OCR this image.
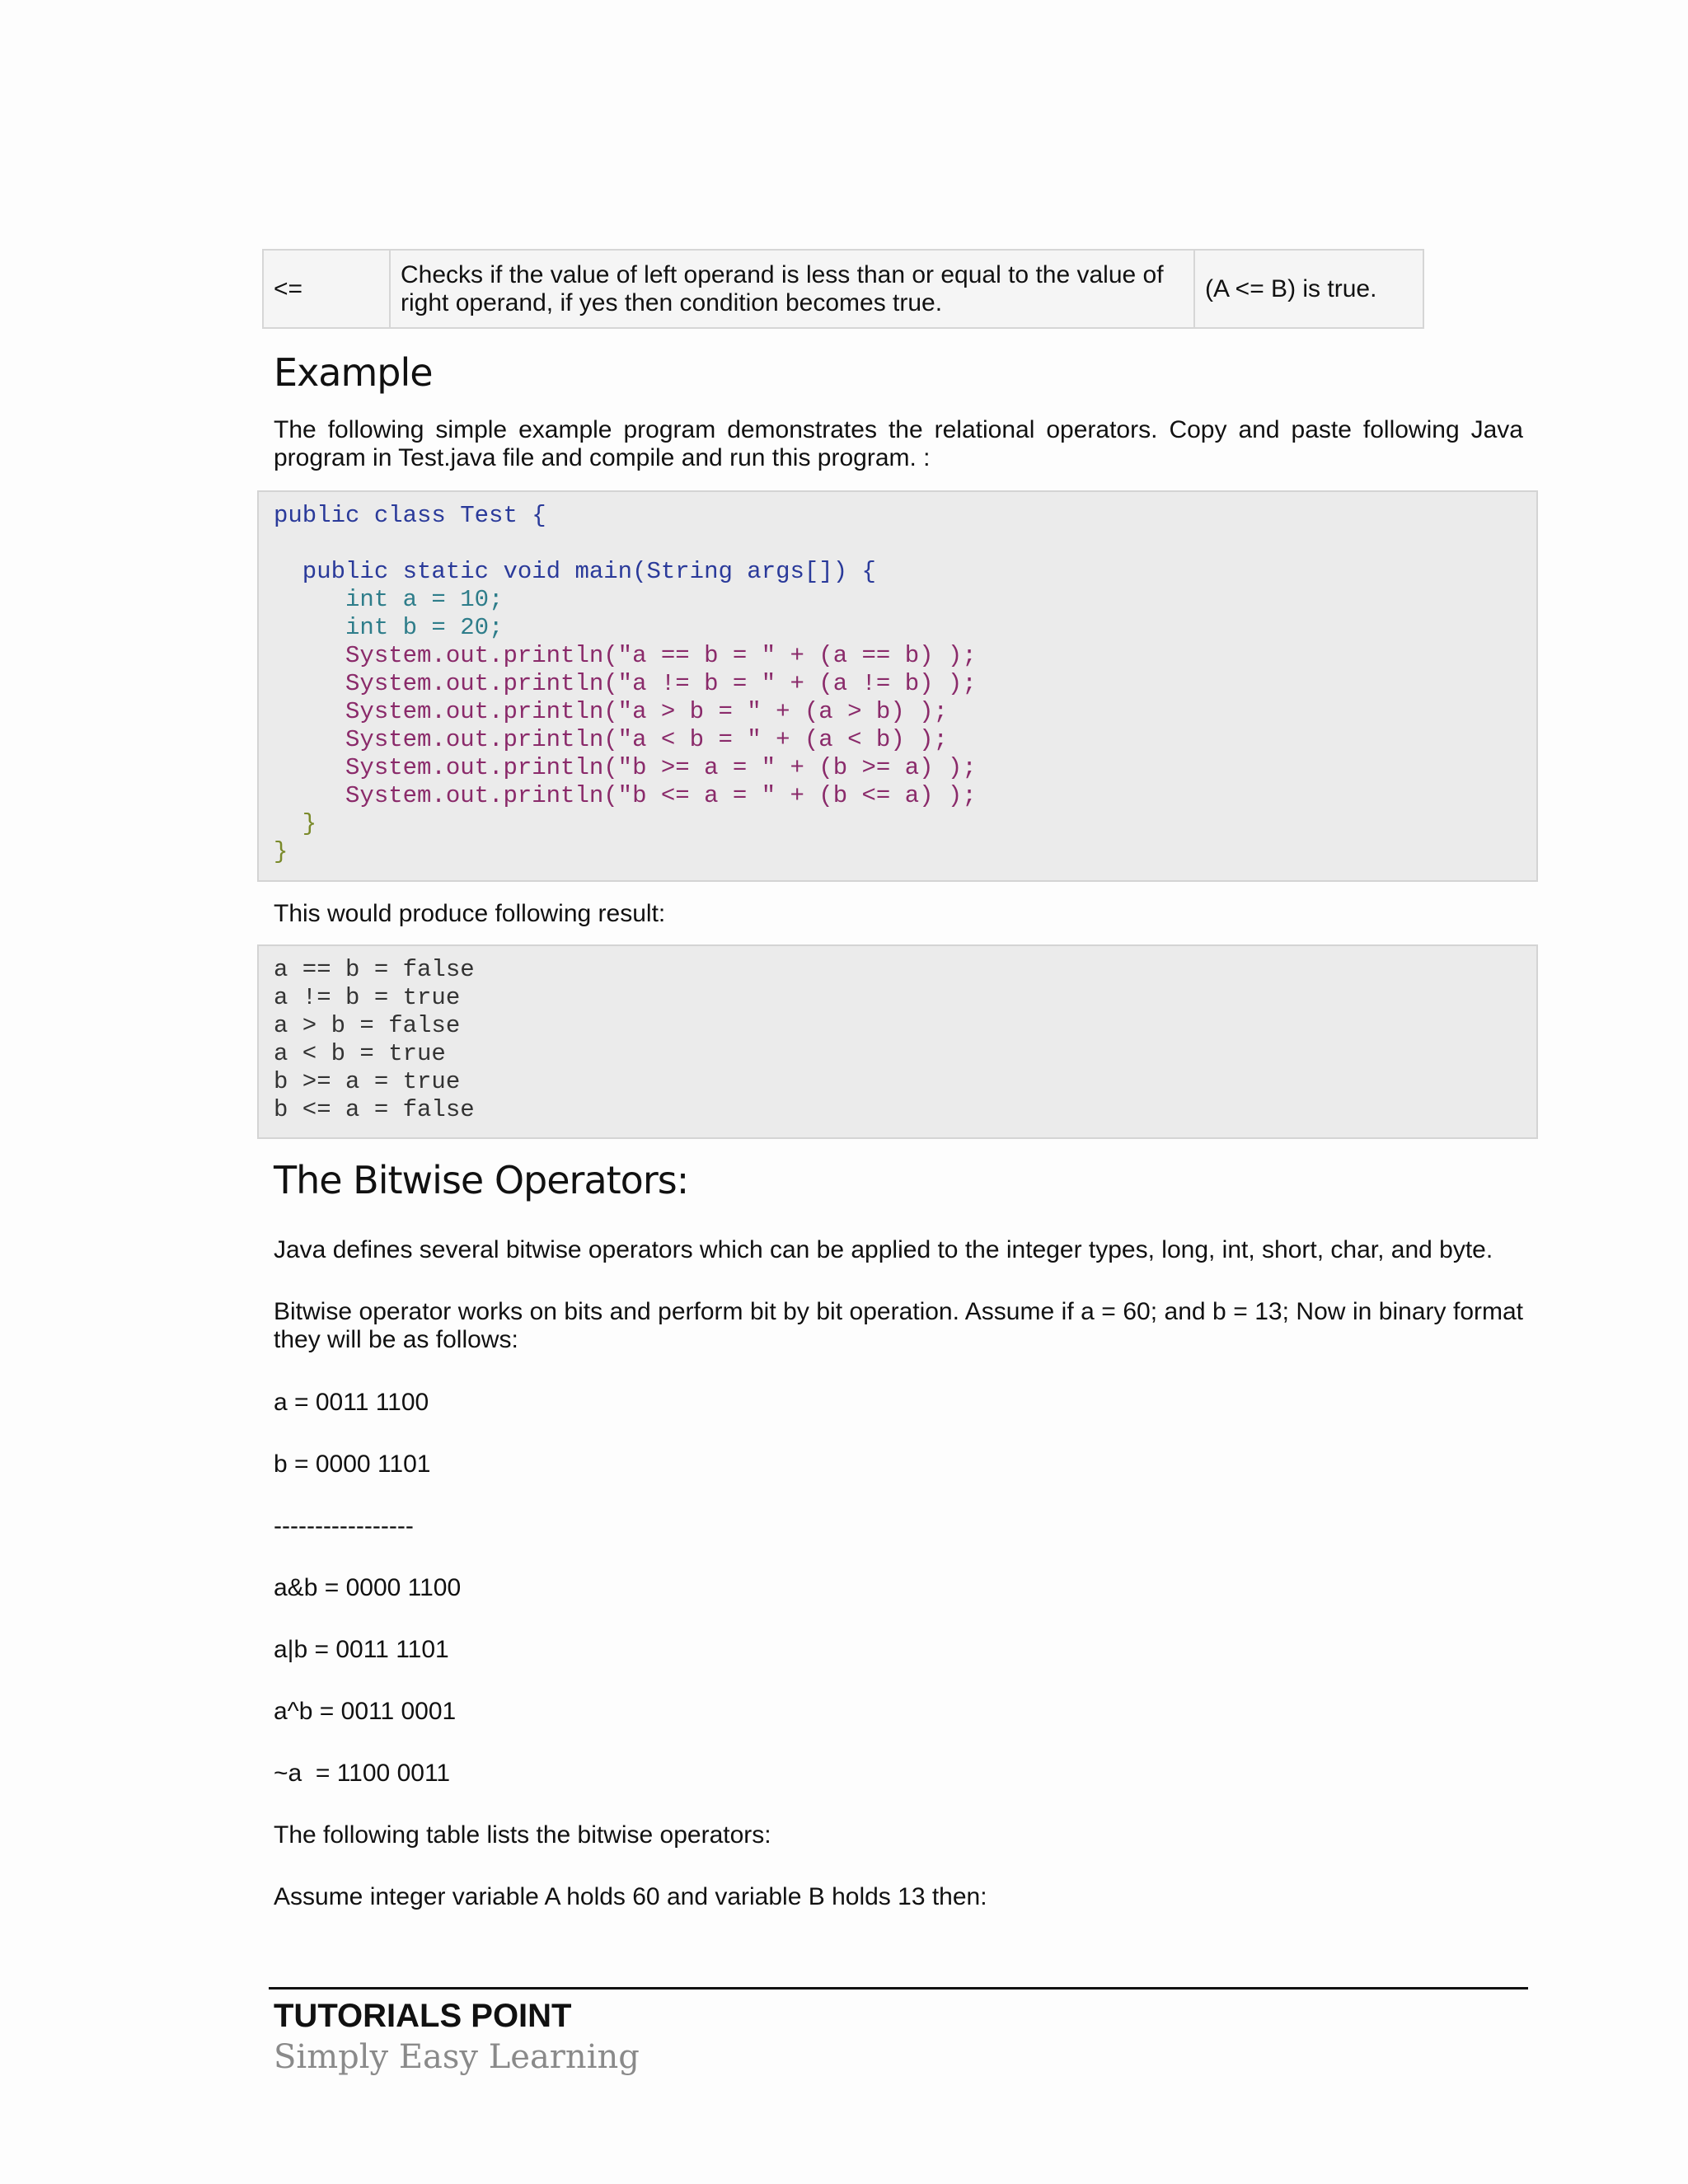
<=	Checks if the value of left operand is less than or equal to the value of right operand, if yes then condition becomes true.	(A <= B) is true.
Example

The following simple example program demonstrates the relational operators. Copy and paste following Java program in Test.java file and compile and run this program. :

public class Test {

public static void main(String args[]) {
int a = 10;
int b = 20;
System.out.println("a == b = " + (a == b) );
System.out.println("a != b = " + (a != b) );
System.out.println("a > b = " + (a > b) );
System.out.println("a < b = " + (a < b) );
System.out.println("b >= a = " + (b >= a) );
System.out.println("b <= a = " + (b <= a) );
}
}

This would produce following result:

a == b = false
a != b = true
a > b = false
a < b = true
b >= a = true
b <= a = false
The Bitwise Operators:

Java defines several bitwise operators which can be applied to the integer types, long, int, short, char, and byte.

Bitwise operator works on bits and perform bit by bit operation. Assume if a = 60; and b = 13; Now in binary format they will be as follows:

a = 0011 1100

b = 0000 1101

-----------------

a&b = 0000 1100

a|b = 0011 1101

a^b = 0011 0001

~a  = 1100 0011

The following table lists the bitwise operators:

Assume integer variable A holds 60 and variable B holds 13 then:

TUTORIALS POINT

Simply Easy Learning
